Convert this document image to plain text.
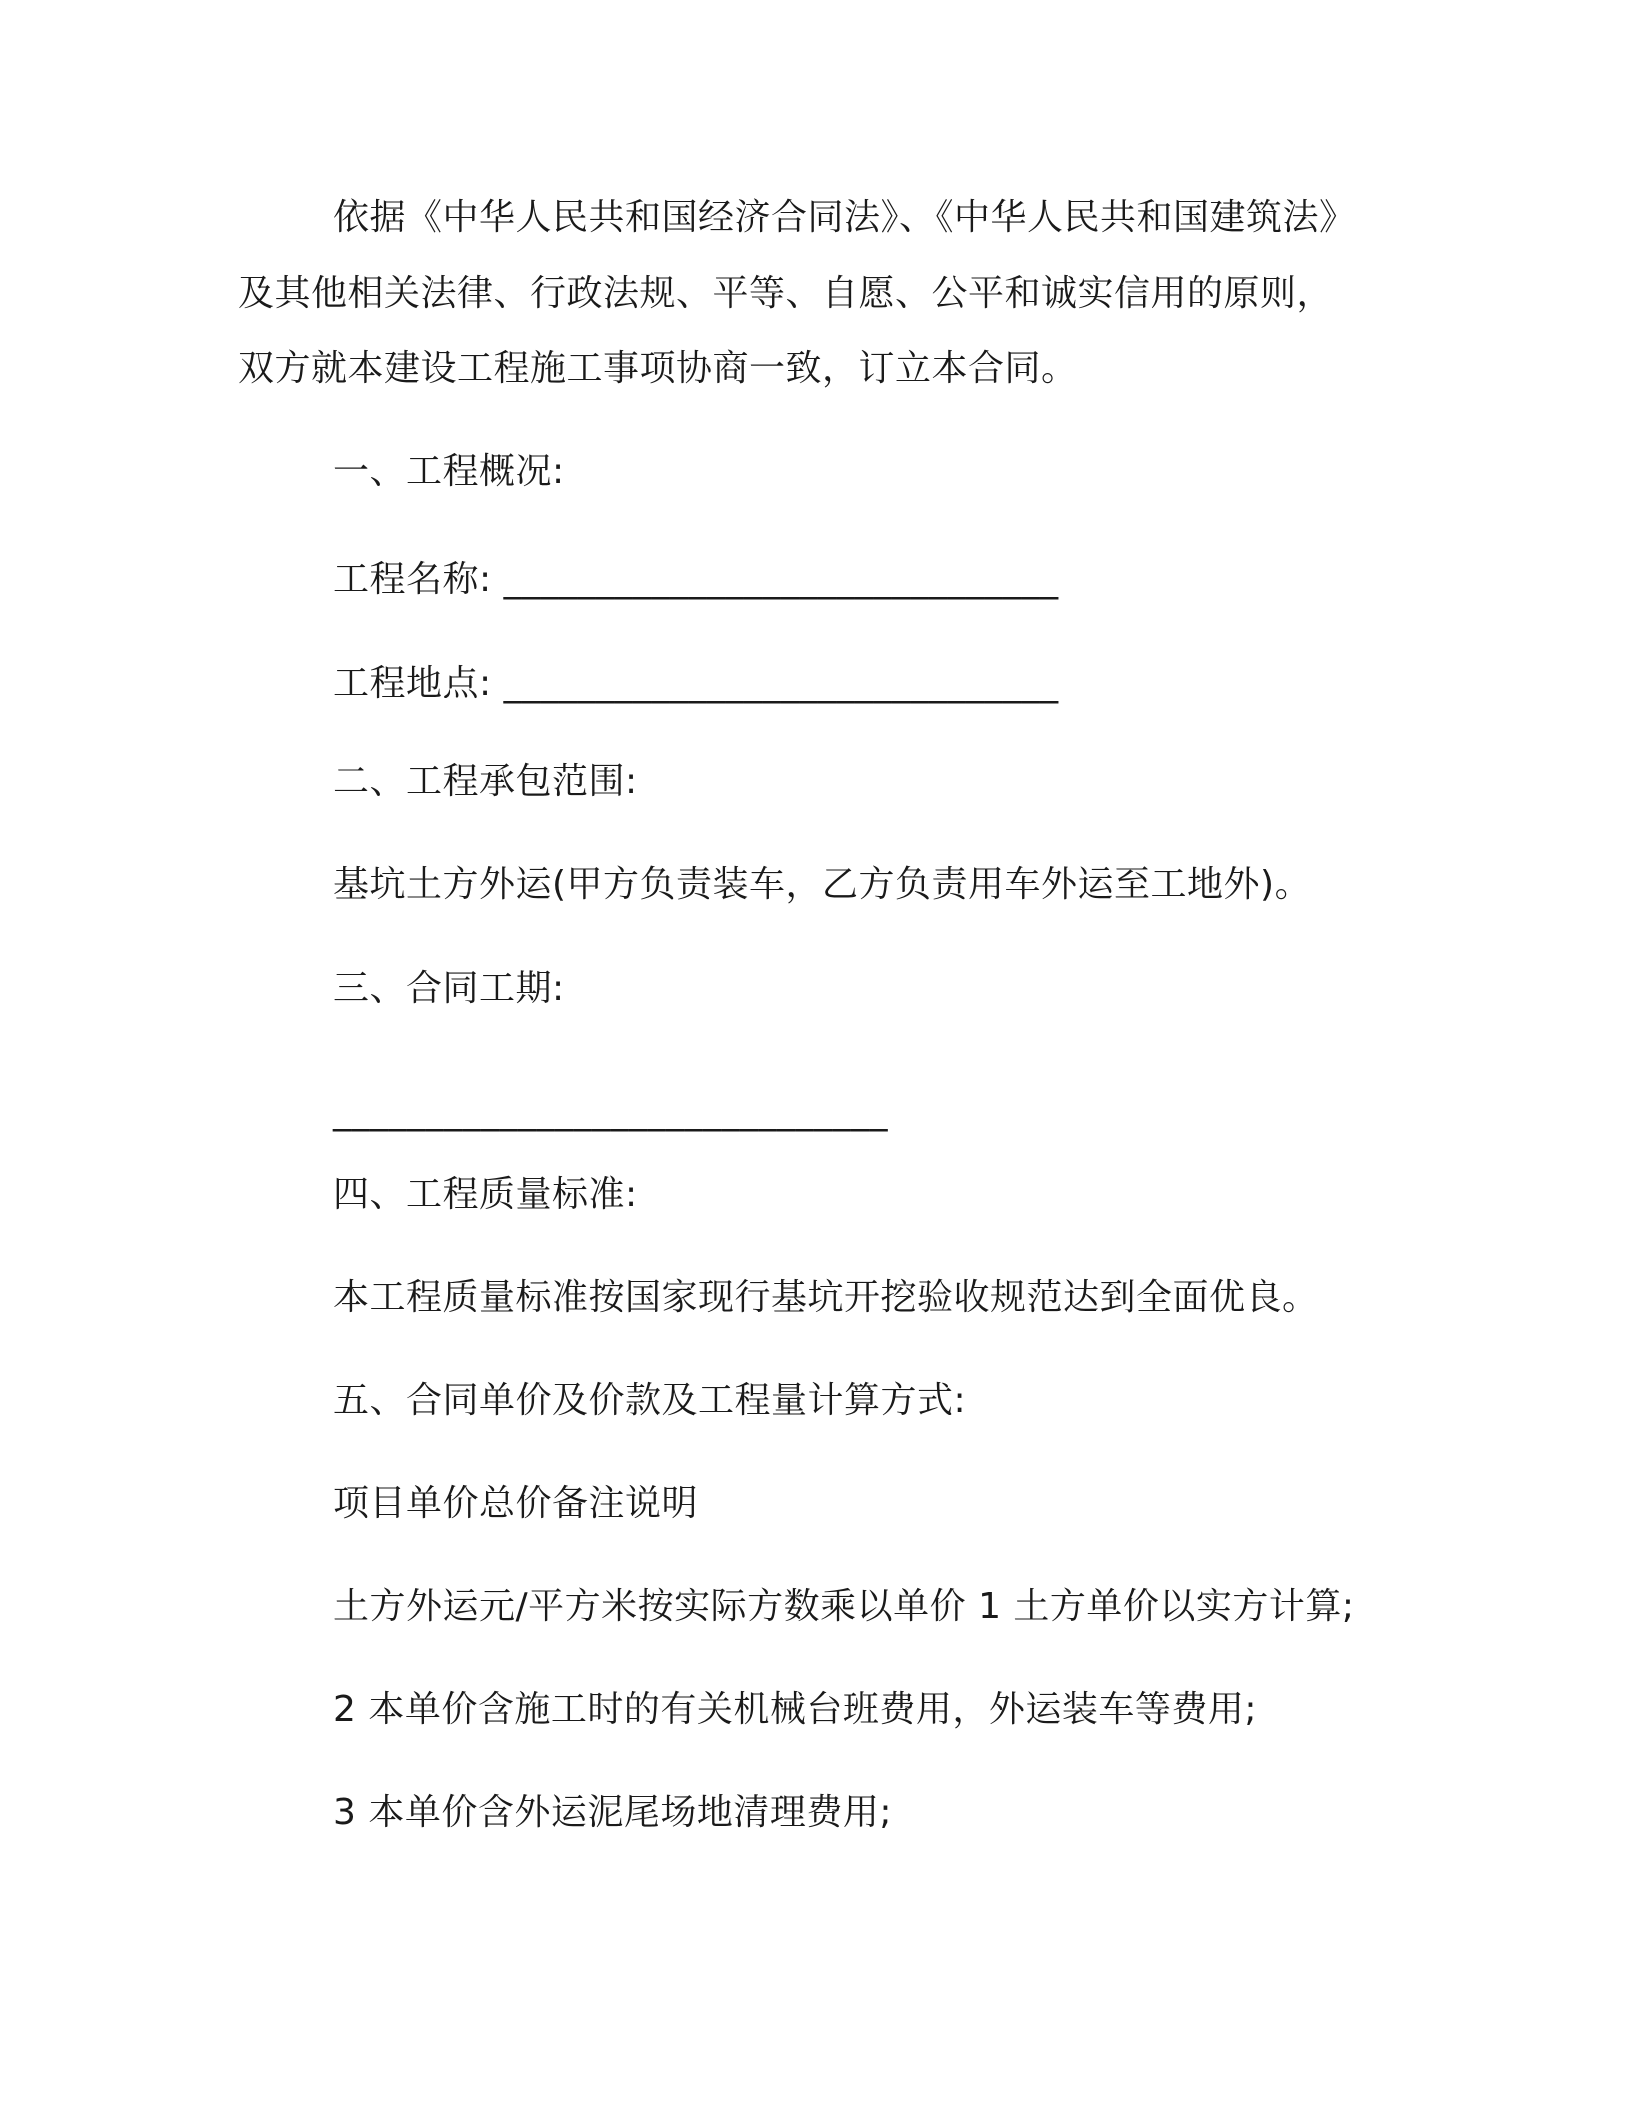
依据《中华人民共和国经济合同法》、《中华人民共和国建筑法》
及其他相关法律、行政法规、平等、自愿、公平和诚实信用的原则，
双方就本建设工程施工事项协商一致，订立本合同。
一、工程概况:
工程名称: ______________________________
工程地点: ______________________________
二、工程承包范围:
基坑土方外运(甲方负责装车，乙方负责用车外运至工地外)。
三、合同工期:
______________________________
四、工程质量标准:
本工程质量标准按国家现行基坑开挖验收规范达到全面优良。
五、合同单价及价款及工程量计算方式:
项目单价总价备注说明
土方外运元/平方米按实际方数乘以单价 1 土方单价以实方计算;
2 本单价含施工时的有关机械台班费用，外运装车等费用;
3 本单价含外运泥尾场地清理费用;
